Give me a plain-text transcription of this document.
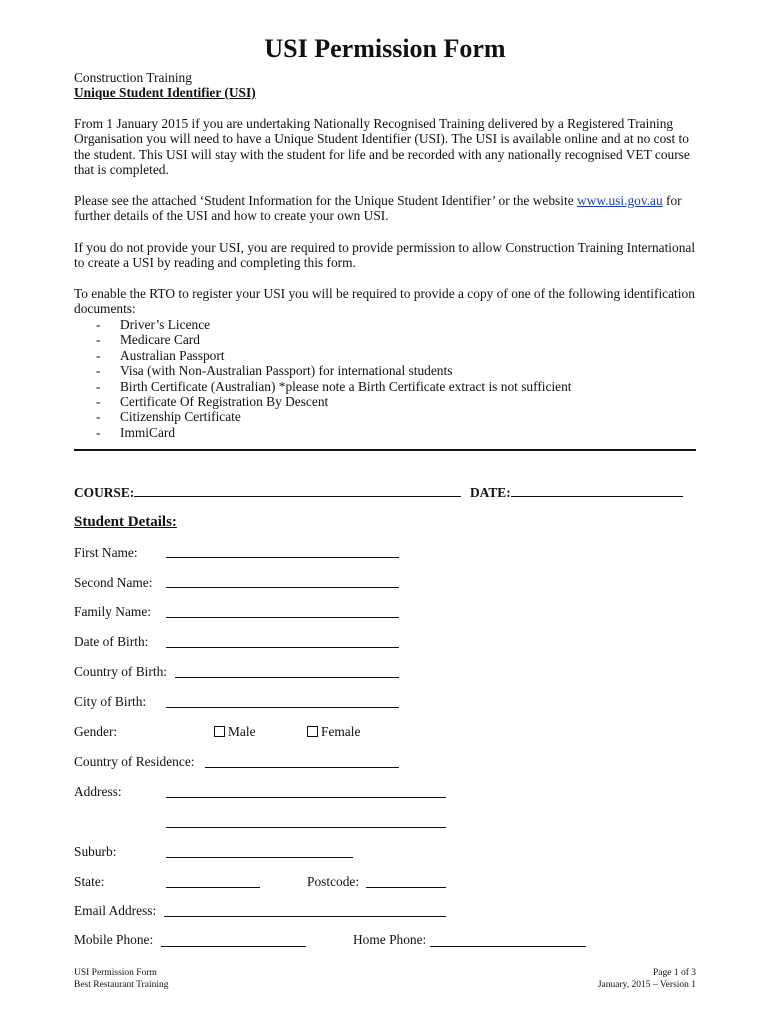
USI Permission Form
Construction Training
Unique Student Identifier (USI)
From 1 January 2015 if you are undertaking Nationally Recognised Training delivered by a Registered Training Organisation you will need to have a Unique Student Identifier (USI). The USI is available online and at no cost to the student. This USI will stay with the student for life and be recorded with any nationally recognised VET course that is completed.
Please see the attached ‘Student Information for the Unique Student Identifier’ or the website www.usi.gov.au for further details of the USI and how to create your own USI.
If you do not provide your USI, you are required to provide permission to allow Construction Training International to create a USI by reading and completing this form.
To enable the RTO to register your USI you will be required to provide a copy of one of the following identification documents:
-	Driver’s Licence
-	Medicare Card
-	Australian Passport
-	Visa (with Non-Australian Passport) for international students
-	Birth Certificate (Australian) *please note a Birth Certificate extract is not sufficient
-	Certificate Of Registration By Descent
-	Citizenship Certificate
-	ImmiCard
COURSE:	DATE:
Student Details:
First Name:
Second Name:
Family Name:
Date of Birth:
Country of Birth:
City of Birth:
Gender:	Male	Female
Country of Residence:
Address:
Suburb:
State:	Postcode:
Email Address:
Mobile Phone:	Home Phone:
USI Permission Form
Best Restaurant Training
Page 1 of 3
January, 2015 – Version 1
